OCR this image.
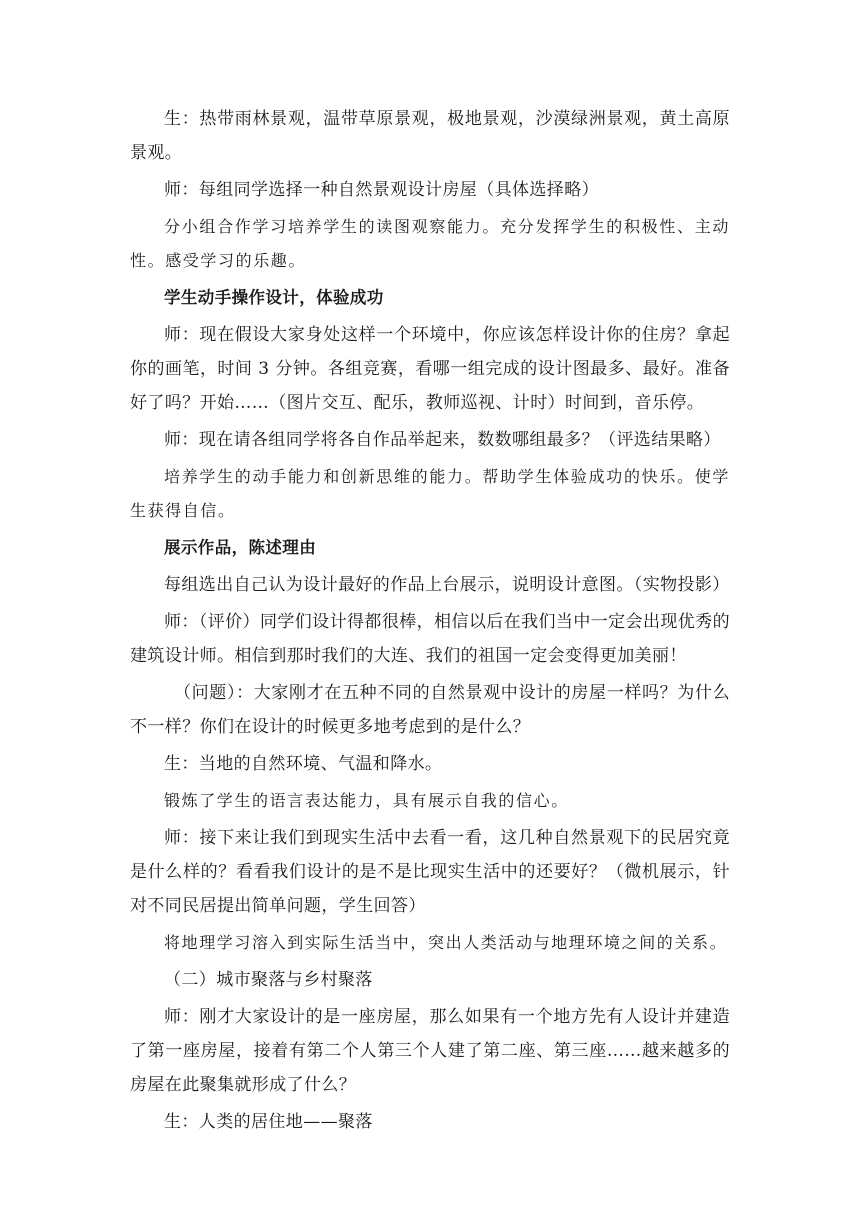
生：热带雨林景观，温带草原景观，极地景观，沙漠绿洲景观，黄土高原景观。

师：每组同学选择一种自然景观设计房屋（具体选择略）

分小组合作学习培养学生的读图观察能力。充分发挥学生的积极性、主动性。感受学习的乐趣。

学生动手操作设计，体验成功

师：现在假设大家身处这样一个环境中，你应该怎样设计你的住房？拿起你的画笔，时间 3 分钟。各组竞赛，看哪一组完成的设计图最多、最好。准备好了吗？开始……（图片交互、配乐，教师巡视、计时）时间到，音乐停。

师：现在请各组同学将各自作品举起来，数数哪组最多？（评选结果略）

培养学生的动手能力和创新思维的能力。帮助学生体验成功的快乐。使学生获得自信。

展示作品，陈述理由

每组选出自己认为设计最好的作品上台展示，说明设计意图。（实物投影）

师：（评价）同学们设计得都很棒，相信以后在我们当中一定会出现优秀的建筑设计师。相信到那时我们的大连、我们的祖国一定会变得更加美丽！

（问题）：大家刚才在五种不同的自然景观中设计的房屋一样吗？为什么不一样？你们在设计的时候更多地考虑到的是什么？

生：当地的自然环境、气温和降水。

锻炼了学生的语言表达能力，具有展示自我的信心。

师：接下来让我们到现实生活中去看一看，这几种自然景观下的民居究竟是什么样的？看看我们设计的是不是比现实生活中的还要好？（微机展示，针对不同民居提出简单问题，学生回答）

将地理学习溶入到实际生活当中，突出人类活动与地理环境之间的关系。

（二）城市聚落与乡村聚落

师：刚才大家设计的是一座房屋，那么如果有一个地方先有人设计并建造了第一座房屋，接着有第二个人第三个人建了第二座、第三座……越来越多的房屋在此聚集就形成了什么？

生：人类的居住地——聚落
